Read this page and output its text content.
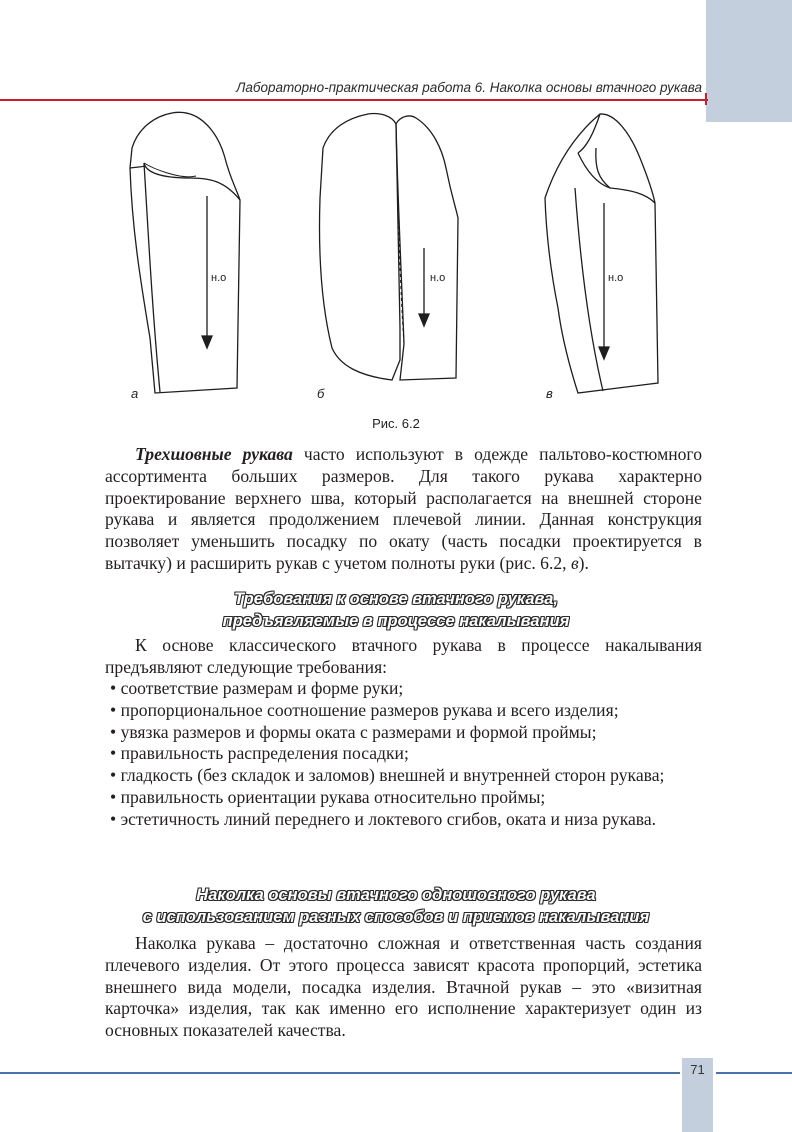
Лабораторно-практическая работа 6. Наколка основы втачного рукава
н.о	н.о	н.о
а	б	в
Рис. 6.2

Трехшовные рукава часто используют в одежде пальтово-костюмного ассортимента больших размеров. Для такого рукава характерно проектирование верхнего шва, который располагается на внешней стороне рукава и является продолжением плечевой линии. Данная конструкция позволяет уменьшить посадку по окату (часть посадки проектируется в вытачку) и расширить рукав с учетом полноты руки (рис. 6.2, в).

Требования к основе втачного рукава,
предъявляемые в процессе накалывания

К основе классического втачного рукава в процессе накалывания предъявляют следующие требования:

• соответствие размерам и форме руки;
• пропорциональное соотношение размеров рукава и всего изделия;
• увязка размеров и формы оката с размерами и формой проймы;
• правильность распределения посадки;
• гладкость (без складок и заломов) внешней и внутренней сторон рукава;
• правильность ориентации рукава относительно проймы;
• эстетичность линий переднего и локтевого сгибов, оката и низа рукава.
Наколка основы втачного одношовного рукава
с использованием разных способов и приемов накалывания

Наколка рукава – достаточно сложная и ответственная часть создания плечевого изделия. От этого процесса зависят красота пропорций, эстетика внешнего вида модели, посадка изделия. Втачной рукав – это «визитная карточка» изделия, так как именно его исполнение характеризует один из основных показателей качества.

71
